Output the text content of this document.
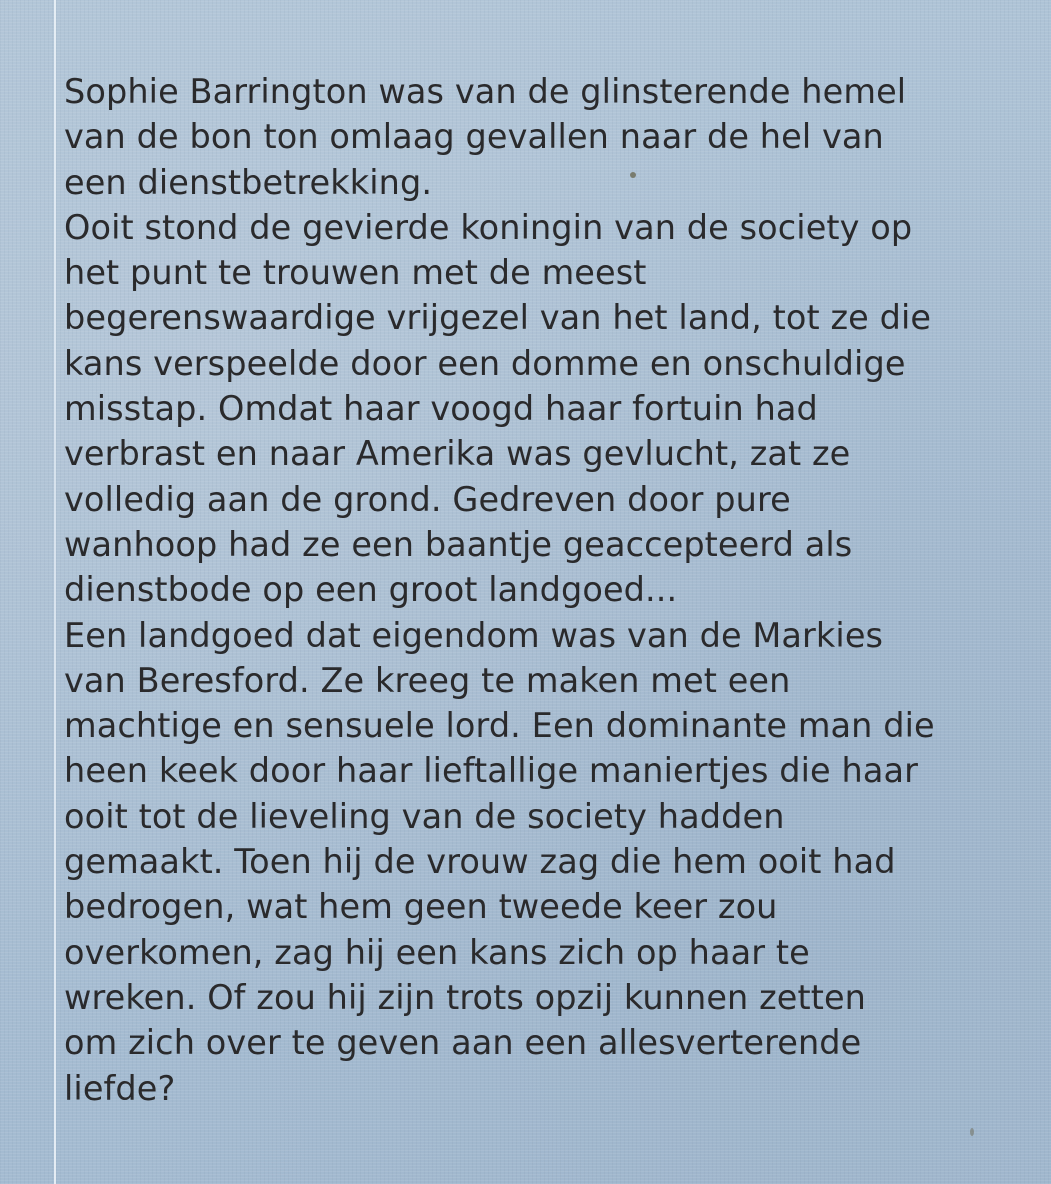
Sophie Barrington was van de glinsterende hemel
van de bon ton omlaag gevallen naar de hel van
een dienstbetrekking.
Ooit stond de gevierde koningin van de society op
het punt te trouwen met de meest
begerenswaardige vrijgezel van het land, tot ze die
kans verspeelde door een domme en onschuldige
misstap. Omdat haar voogd haar fortuin had
verbrast en naar Amerika was gevlucht, zat ze
volledig aan de grond. Gedreven door pure
wanhoop had ze een baantje geaccepteerd als
dienstbode op een groot landgoed...
Een landgoed dat eigendom was van de Markies
van Beresford. Ze kreeg te maken met een
machtige en sensuele lord. Een dominante man die
heen keek door haar lieftallige maniertjes die haar
ooit tot de lieveling van de society hadden
gemaakt. Toen hij de vrouw zag die hem ooit had
bedrogen, wat hem geen tweede keer zou
overkomen, zag hij een kans zich op haar te
wreken. Of zou hij zijn trots opzij kunnen zetten
om zich over te geven aan een allesverterende
liefde?
